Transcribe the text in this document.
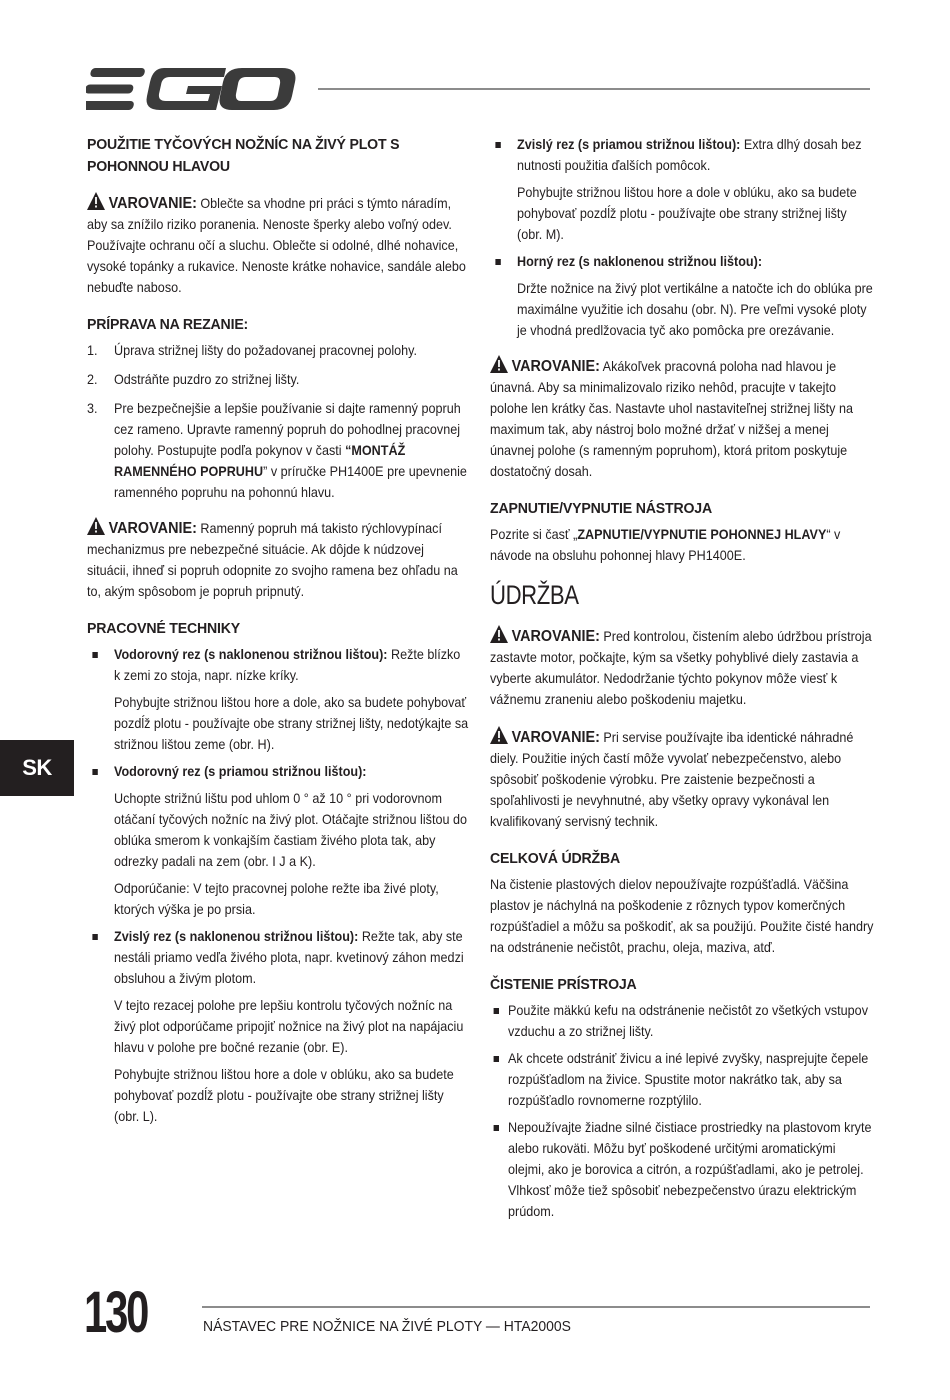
POUŽITIE TYČOVÝCH NOŽNÍC NA ŽIVÝ PLOT S POHONNOU HLAVOU

VAROVANIE: Oblečte sa vhodne pri práci s týmto náradím, aby sa znížilo riziko poranenia. Nenoste šperky alebo voľný odev. Používajte ochranu očí a sluchu. Oblečte si odolné, dlhé nohavice, vysoké topánky a rukavice. Nenoste krátke nohavice, sandále alebo nebuďte naboso.

PRÍPRAVA NA REZANIE:
1. Úprava strižnej lišty do požadovanej pracovnej polohy.
2. Odstráňte puzdro zo strižnej lišty.
3. Pre bezpečnejšie a lepšie používanie si dajte ramenný popruh cez rameno. Upravte ramenný popruh do pohodlnej pracovnej polohy. Postupujte podľa pokynov v časti “MONTÁŽ RAMENNÉHO POPRUHU” v príručke PH1400E pre upevnenie ramenného popruhu na pohonnú hlavu.

VAROVANIE: Ramenný popruh má takisto rýchlovypínací mechanizmus pre nebezpečné situácie. Ak dôjde k núdzovej situácii, ihneď si popruh odopnite zo svojho ramena bez ohľadu na to, akým spôsobom je popruh pripnutý.

PRACOVNÉ TECHNIKY
Vodorovný rez (s naklonenou strižnou lištou): Režte blízko k zemi zo stoja, napr. nízke kríky.

Pohybujte strižnou lištou hore a dole, ako sa budete pohybovať pozdĺž plotu - používajte obe strany strižnej lišty, nedotýkajte sa strižnou lištou zeme (obr. H).

Vodorovný rez (s priamou strižnou lištou):

Uchopte strižnú lištu pod uhlom 0 ° až 10 ° pri vodorovnom otáčaní tyčových nožníc na živý plot. Otáčajte strižnou lištou do oblúka smerom k vonkajším častiam živého plota tak, aby odrezky padali na zem (obr. I J a K).

Odporúčanie: V tejto pracovnej polohe režte iba živé ploty, ktorých výška je po prsia.

Zvislý rez (s naklonenou strižnou lištou): Režte tak, aby ste nestáli priamo vedľa živého plota, napr. kvetinový záhon medzi obsluhou a živým plotom.

V tejto rezacej polohe pre lepšiu kontrolu tyčových nožníc na živý plot odporúčame pripojiť nožnice na živý plot na napájaciu hlavu v polohe pre bočné rezanie (obr. E).

Pohybujte strižnou lištou hore a dole v oblúku, ako sa budete pohybovať pozdĺž plotu - používajte obe strany strižnej lišty (obr. L).

Zvislý rez (s priamou strižnou lištou): Extra dlhý dosah bez nutnosti použitia ďalších pomôcok.

Pohybujte strižnou lištou hore a dole v oblúku, ako sa budete pohybovať pozdĺž plotu - používajte obe strany strižnej lišty (obr. M).

Horný rez (s naklonenou strižnou lištou):

Držte nožnice na živý plot vertikálne a natočte ich do oblúka pre maximálne využitie ich dosahu (obr. N). Pre veľmi vysoké ploty je vhodná predlžovacia tyč ako pomôcka pre orezávanie.

VAROVANIE: Akákoľvek pracovná poloha nad hlavou je únavná. Aby sa minimalizovalo riziko nehôd, pracujte v takejto polohe len krátky čas. Nastavte uhol nastaviteľnej strižnej lišty na maximum tak, aby nástroj bolo možné držať v nižšej a menej únavnej polohe (s ramenným popruhom), ktorá pritom poskytuje dostatočný dosah.

ZAPNUTIE/VYPNUTIE NÁSTROJA

Pozrite si časť „ZAPNUTIE/VYPNUTIE POHONNEJ HLAVY“ v návode na obsluhu pohonnej hlavy PH1400E.

ÚDRŽBA

VAROVANIE: Pred kontrolou, čistením alebo údržbou prístroja zastavte motor, počkajte, kým sa všetky pohyblivé diely zastavia a vyberte akumulátor. Nedodržanie týchto pokynov môže viesť k vážnemu zraneniu alebo poškodeniu majetku.

VAROVANIE: Pri servise používajte iba identické náhradné diely. Použitie iných častí môže vyvolať nebezpečenstvo, alebo spôsobiť poškodenie výrobku. Pre zaistenie bezpečnosti a spoľahlivosti je nevyhnutné, aby všetky opravy vykonával len kvalifikovaný servisný technik.

CELKOVÁ ÚDRŽBA

Na čistenie plastových dielov nepoužívajte rozpúšťadlá. Väčšina plastov je náchylná na poškodenie z rôznych typov komerčných rozpúšťadiel a môžu sa poškodiť, ak sa použijú. Použite čisté handry na odstránenie nečistôt, prachu, oleja, maziva, atď.

ČISTENIE PRÍSTROJA
Použite mäkkú kefu na odstránenie nečistôt zo všetkých vstupov vzduchu a zo strižnej lišty.
Ak chcete odstrániť živicu a iné lepivé zvyšky, nasprejujte čepele rozpúšťadlom na živice. Spustite motor nakrátko tak, aby sa rozpúšťadlo rovnomerne rozptýlilo.
Nepoužívajte žiadne silné čistiace prostriedky na plastovom kryte alebo rukoväti. Môžu byť poškodené určitými aromatickými olejmi, ako je borovica a citrón, a rozpúšťadlami, ako je petrolej. Vlhkosť môže tiež spôsobiť nebezpečenstvo úrazu elektrickým prúdom.
SK
130	NÁSTAVEC PRE NOŽNICE NA ŽIVÉ PLOTY — HTA2000S
